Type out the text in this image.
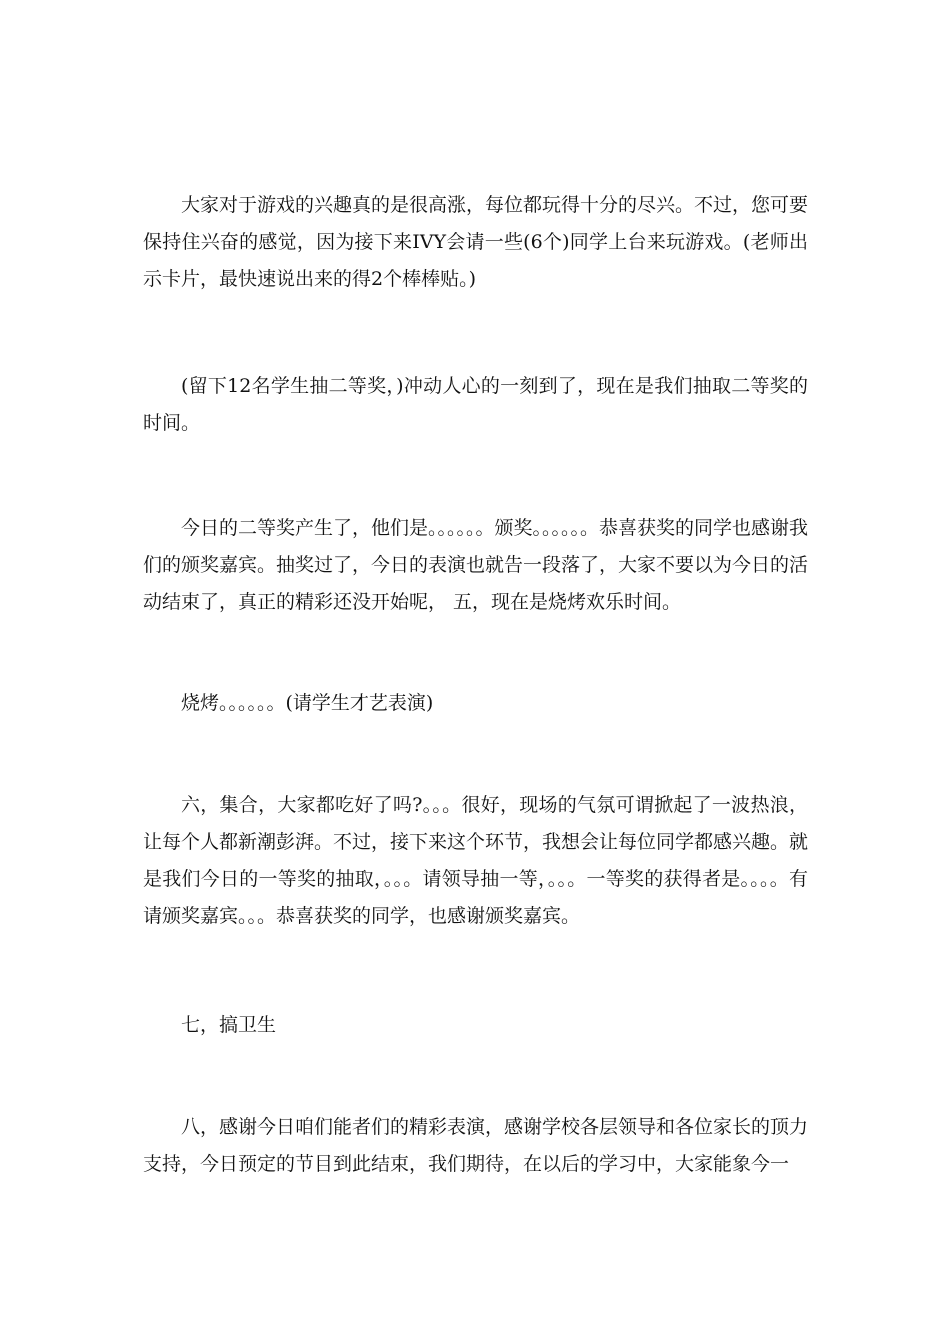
大家对于游戏的兴趣真的是很高涨，每位都玩得十分的尽兴。不过，您可要保持住兴奋的感觉，因为接下来IVY会请一些(6个)同学上台来玩游戏。(老师出示卡片，最快速说出来的得2个棒棒贴。)

(留下12名学生抽二等奖，)冲动人心的一刻到了，现在是我们抽取二等奖的时间。

今日的二等奖产生了，他们是。。。。。。颁奖。。。。。。恭喜获奖的同学也感谢我们的颁奖嘉宾。抽奖过了，今日的表演也就告一段落了，大家不要以为今日的活动结束了，真正的精彩还没开始呢， 五，现在是烧烤欢乐时间。

烧烤。。。。。。(请学生才艺表演)

六，集合，大家都吃好了吗?。。。很好，现场的气氛可谓掀起了一波热浪，让每个人都新潮彭湃。不过，接下来这个环节，我想会让每位同学都感兴趣。就是我们今日的一等奖的抽取，。。。请领导抽一等，。。。一等奖的获得者是。。。。有请颁奖嘉宾。。。恭喜获奖的同学，也感谢颁奖嘉宾。

七，搞卫生

八，感谢今日咱们能者们的精彩表演，感谢学校各层领导和各位家长的顶力支持，今日预定的节目到此结束，我们期待，在以后的学习中，大家能象今一
